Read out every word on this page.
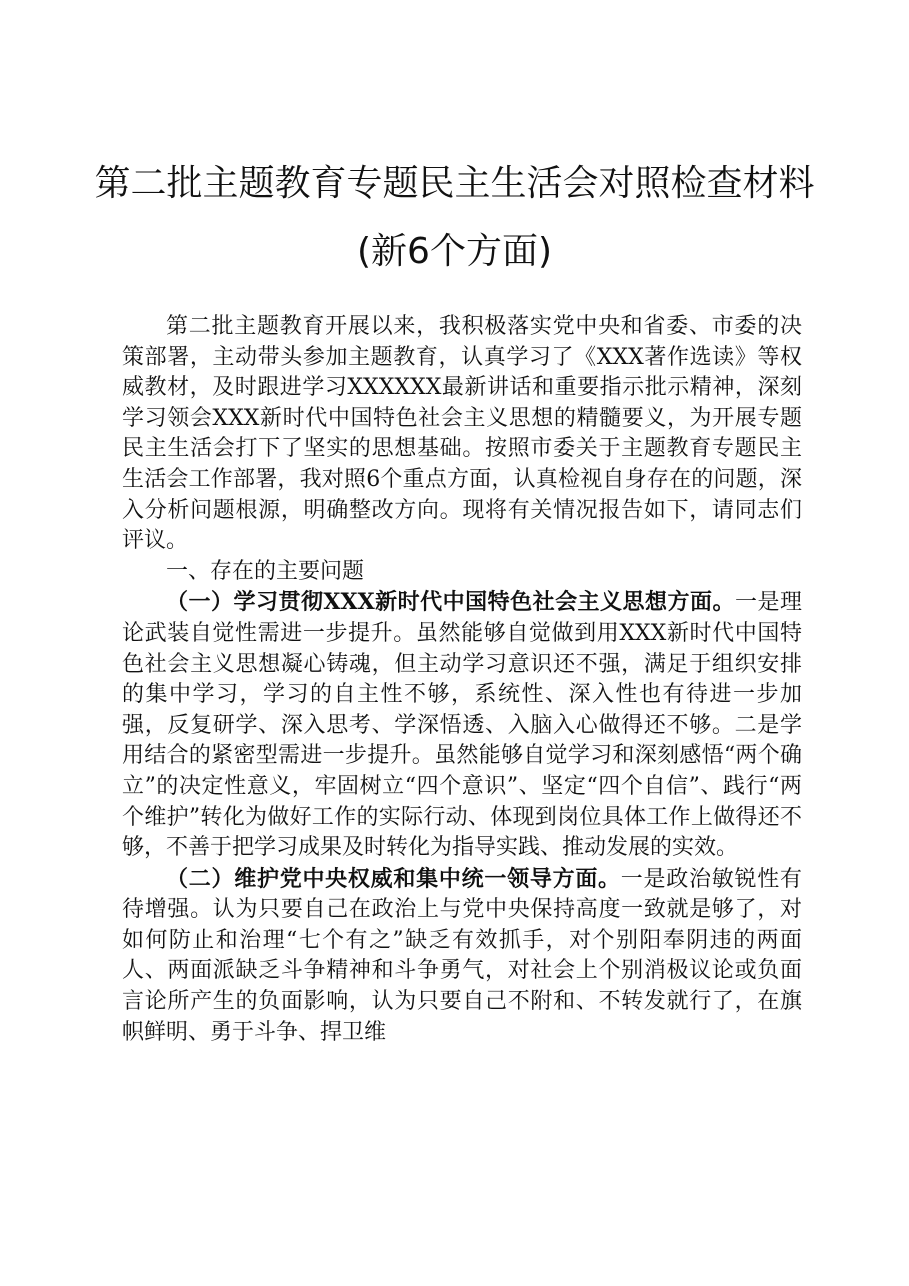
第二批主题教育专题民主生活会对照检查材料
(新6个方面)

第二批主题教育开展以来，我积极落实党中央和省委、市委的决策部署，主动带头参加主题教育，认真学习了《XXX著作选读》等权威教材，及时跟进学习XXXXXX最新讲话和重要指示批示精神，深刻学习领会XXX新时代中国特色社会主义思想的精髓要义，为开展专题民主生活会打下了坚实的思想基础。按照市委关于主题教育专题民主生活会工作部署，我对照6个重点方面，认真检视自身存在的问题，深入分析问题根源，明确整改方向。现将有关情况报告如下，请同志们评议。

一、存在的主要问题

（一）学习贯彻XXX新时代中国特色社会主义思想方面。一是理论武装自觉性需进一步提升。虽然能够自觉做到用XXX新时代中国特色社会主义思想凝心铸魂，但主动学习意识还不强，满足于组织安排的集中学习，学习的自主性不够，系统性、深入性也有待进一步加强，反复研学、深入思考、学深悟透、入脑入心做得还不够。二是学用结合的紧密型需进一步提升。虽然能够自觉学习和深刻感悟“两个确立”的决定性意义，牢固树立“四个意识”、坚定“四个自信”、践行“两个维护”转化为做好工作的实际行动、体现到岗位具体工作上做得还不够，不善于把学习成果及时转化为指导实践、推动发展的实效。

（二）维护党中央权威和集中统一领导方面。一是政治敏锐性有待增强。认为只要自己在政治上与党中央保持高度一致就是够了，对如何防止和治理“七个有之”缺乏有效抓手，对个别阳奉阴违的两面人、两面派缺乏斗争精神和斗争勇气，对社会上个别消极议论或负面言论所产生的负面影响，认为只要自己不附和、不转发就行了，在旗帜鲜明、勇于斗争、捍卫维
